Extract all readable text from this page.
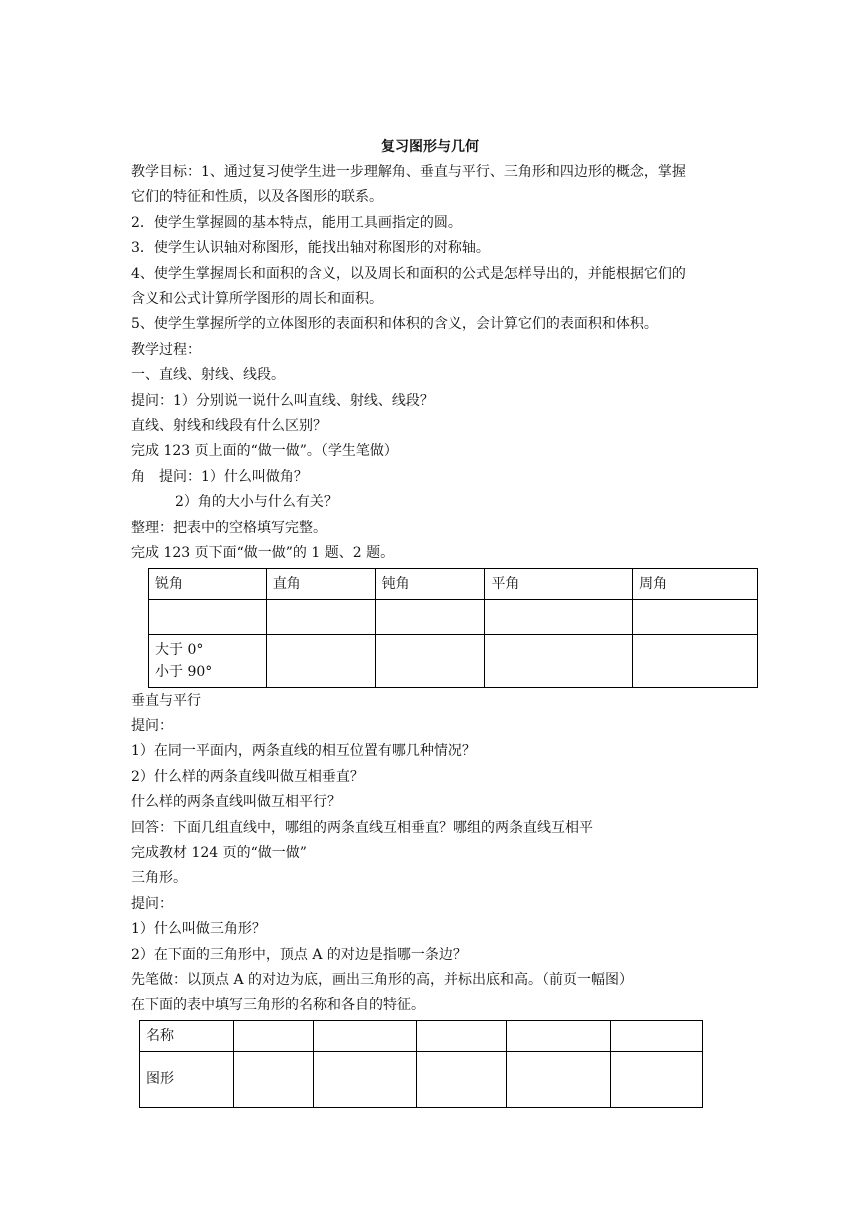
复习图形与几何
教学目标：1、通过复习使学生进一步理解角、垂直与平行、三角形和四边形的概念，掌握
它们的特征和性质，以及各图形的联系。
2．使学生掌握圆的基本特点，能用工具画指定的圆。
3．使学生认识轴对称图形，能找出轴对称图形的对称轴。
4、使学生掌握周长和面积的含义，以及周长和面积的公式是怎样导出的，并能根据它们的
含义和公式计算所学图形的周长和面积。
5、使学生掌握所学的立体图形的表面积和体积的含义，会计算它们的表面积和体积。
教学过程：
一、直线、射线、线段。
提问：1）分别说一说什么叫直线、射线、线段？
直线、射线和线段有什么区别？
完成 123 页上面的“做一做”。（学生笔做）
角　提问：1）什么叫做角？
2）角的大小与什么有关？
整理：把表中的空格填写完整。
完成 123 页下面“做一做”的 1 题、2 题。
锐角	直角	钝角	平角	周角

大于 0°
小于 90°				

垂直与平行
提问：
1）在同一平面内，两条直线的相互位置有哪几种情况？
2）什么样的两条直线叫做互相垂直？
什么样的两条直线叫做互相平行？
回答：下面几组直线中，哪组的两条直线互相垂直？哪组的两条直线互相平
完成教材 124 页的“做一做”
三角形。
提问：
1）什么叫做三角形？
2）在下面的三角形中，顶点 A 的对边是指哪一条边？
先笔做：以顶点 A 的对边为底，画出三角形的高，并标出底和高。（前页一幅图）
在下面的表中填写三角形的名称和各自的特征。
名称					
图形					
